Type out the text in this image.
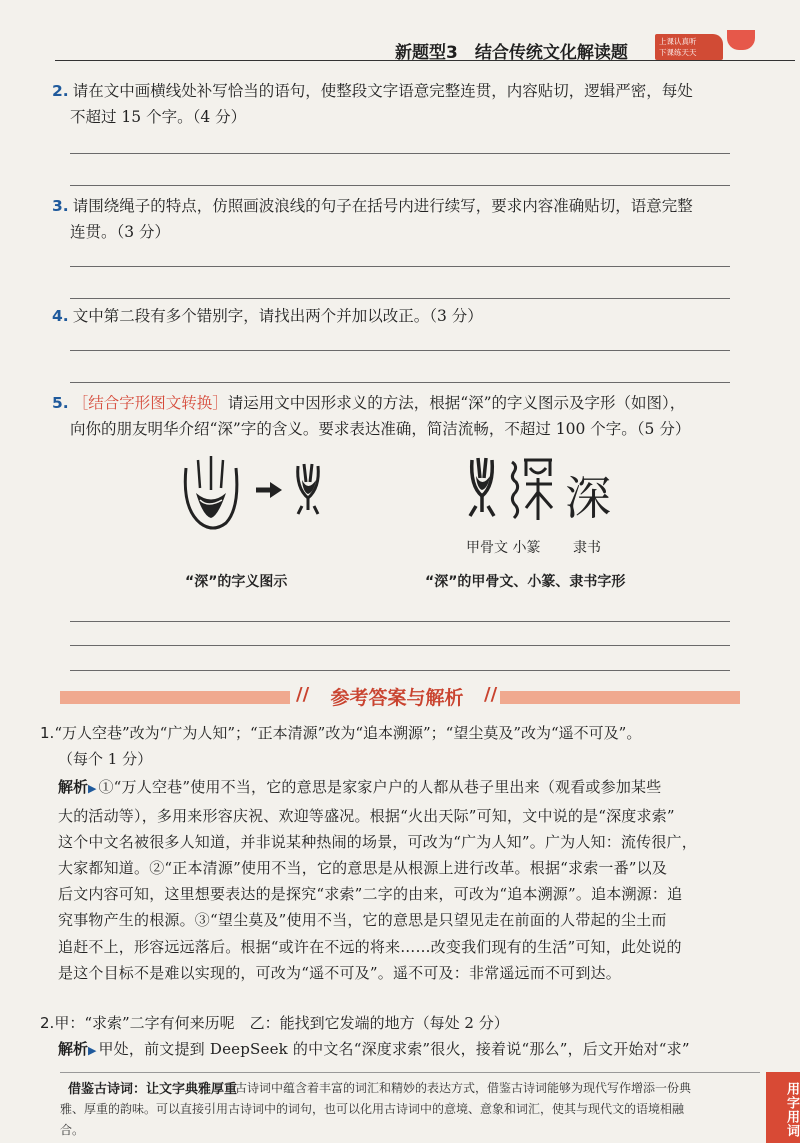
新题型3　结合传统文化解读题
上课认真听
下课练天天
2. 请在文中画横线处补写恰当的语句，使整段文字语意完整连贯，内容贴切，逻辑严密，每处
不超过 15 个字。（4 分）
3. 请围绕绳子的特点，仿照画波浪线的句子在括号内进行续写，要求内容准确贴切，语意完整
连贯。（3 分）
4. 文中第二段有多个错别字，请找出两个并加以改正。（3 分）
5. ［结合字形图文转换］请运用文中因形求义的方法，根据“深”的字义图示及字形（如图），
向你的朋友明华介绍“深”字的含义。要求表达准确，简洁流畅，不超过 100 个字。（5 分）
深
甲骨文 小篆 隶书
“深”的字义图示	“深”的甲骨文、小篆、隶书字形
参考答案与解析
//	//
1.“万人空巷”改为“广为人知”；“正本清源”改为“追本溯源”；“望尘莫及”改为“遥不可及”。
（每个 1 分）
解析▶ ①“万人空巷”使用不当，它的意思是家家户户的人都从巷子里出来（观看或参加某些
大的活动等），多用来形容庆祝、欢迎等盛况。根据“火出天际”可知，文中说的是“深度求索”
这个中文名被很多人知道，并非说某种热闹的场景，可改为“广为人知”。广为人知：流传很广，
大家都知道。②“正本清源”使用不当，它的意思是从根源上进行改革。根据“求索一番”以及
后文内容可知，这里想要表达的是探究“求索”二字的由来，可改为“追本溯源”。追本溯源：追
究事物产生的根源。③“望尘莫及”使用不当，它的意思是只望见走在前面的人带起的尘土而
追赶不上，形容远远落后。根据“或许在不远的将来……改变我们现有的生活”可知，此处说的
是这个目标不是难以实现的，可改为“遥不可及”。遥不可及：非常遥远而不可到达。
2.甲：“求索”二字有何来历呢　乙：能找到它发端的地方（每处 2 分）
解析▶ 甲处，前文提到 DeepSeek 的中文名“深度求索”很火，接着说“那么”，后文开始对“求”
古诗词中蕴含着丰富的词汇和精妙的表达方式，借鉴古诗词能够为现代写作增添一份典雅、厚重的韵味。可以直接引用古诗词中的词句，也可以化用古诗词中的意境、意象和词汇，使其与现代文的语境相融合。
借鉴古诗词：让文字典雅厚重	用字用词
